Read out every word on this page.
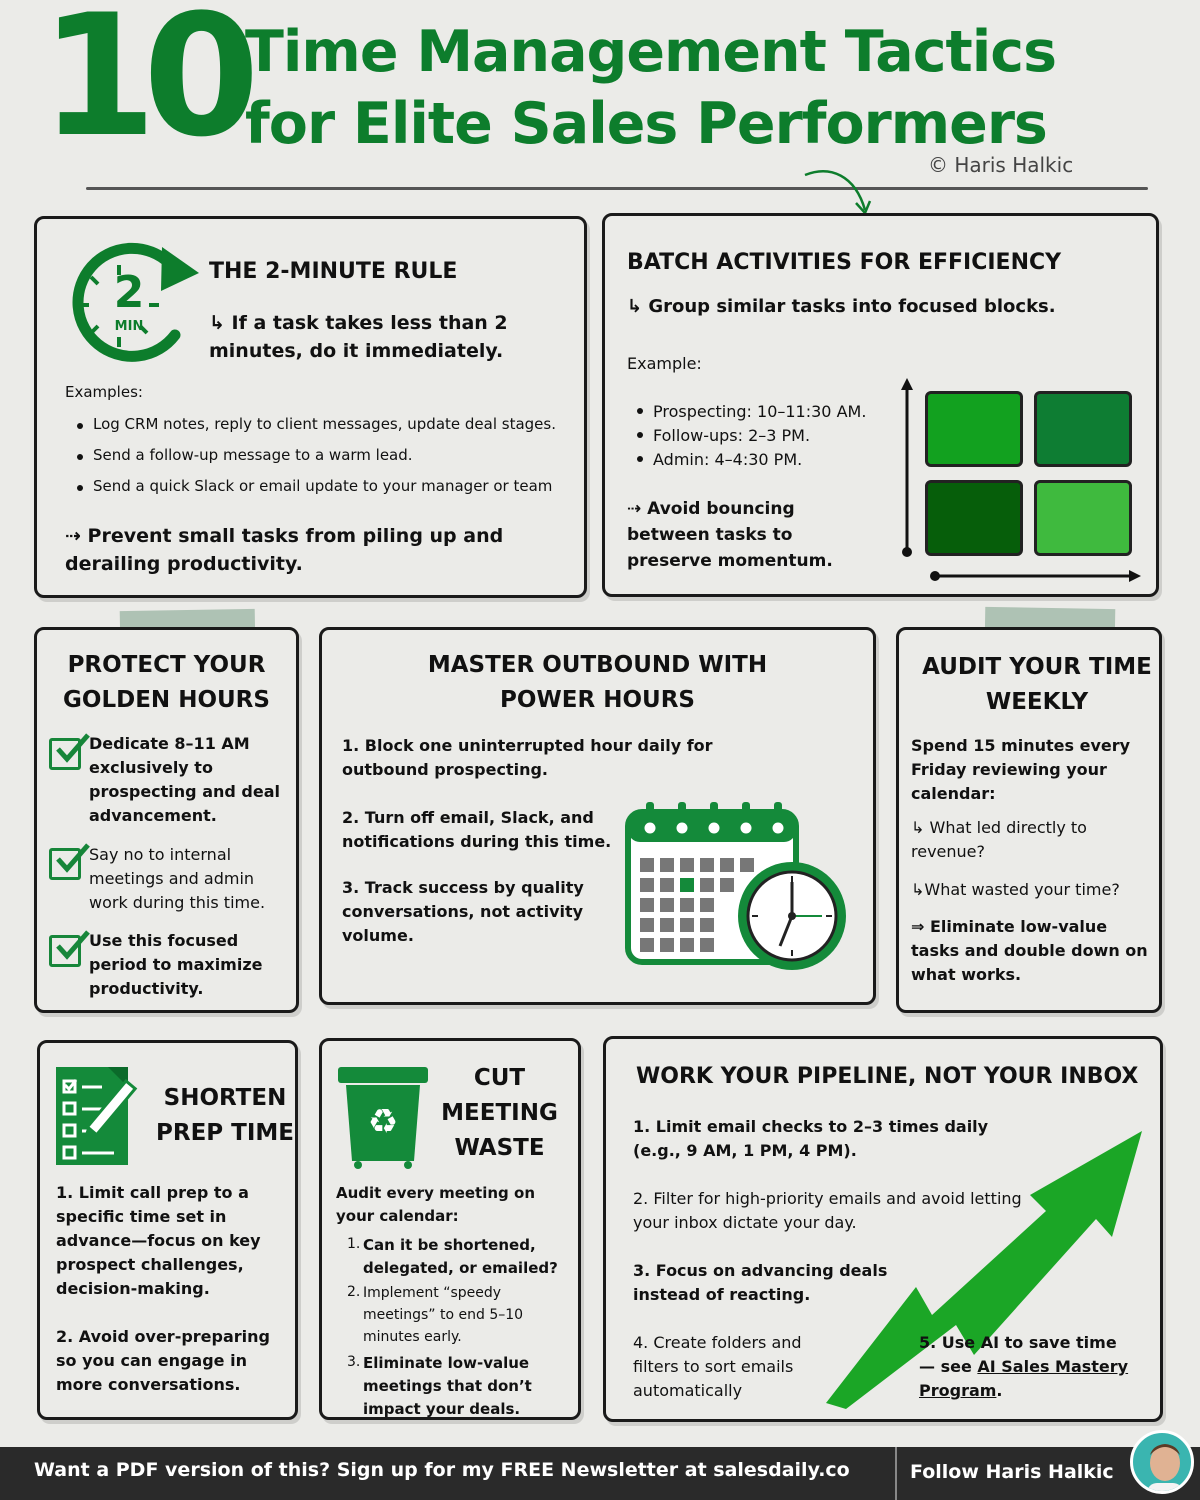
10 Time Management Tactics
for Elite Sales Performers
© Haris Halkic
2
MIN
THE 2-MINUTE RULE
↳ If a task takes less than 2 minutes, do it immediately.
Examples:
Log CRM notes, reply to client messages, update deal stages.
Send a follow-up message to a warm lead.
Send a quick Slack or email update to your manager or team
⇢ Prevent small tasks from piling up and derailing productivity.
BATCH ACTIVITIES FOR EFFICIENCY
↳ Group similar tasks into focused blocks.
Example:
Prospecting: 10–11:30 AM.
Follow-ups: 2–3 PM.
Admin: 4–4:30 PM.
⇢ Avoid bouncing between tasks to preserve momentum.
PROTECT YOUR
GOLDEN HOURS
Dedicate 8–11 AM exclusively to prospecting and deal advancement.
Say no to internal meetings and admin work during this time.
Use this focused period to maximize productivity.
MASTER OUTBOUND WITH
POWER HOURS
1. Block one uninterrupted hour daily for outbound prospecting.
2. Turn off email, Slack, and notifications during this time.
3. Track success by quality conversations, not activity volume.
AUDIT YOUR TIME
WEEKLY
Spend 15 minutes every Friday reviewing your calendar:
↳ What led directly to revenue?
↳What wasted your time?
⇒ Eliminate low-value tasks and double down on what works.
SHORTEN
PREP TIME
1. Limit call prep to a specific time set in advance—focus on key prospect challenges, decision-making.
2. Avoid over-preparing so you can engage in more conversations.
♻
CUT
MEETING
WASTE
Audit every meeting on your calendar:
1. Can it be shortened, delegated, or emailed?
2. Implement “speedy meetings” to end 5–10 minutes early.
3. Eliminate low-value meetings that don’t impact your deals.
WORK YOUR PIPELINE, NOT YOUR INBOX
1. Limit email checks to 2–3 times daily (e.g., 9 AM, 1 PM, 4 PM).
2. Filter for high-priority emails and avoid letting your inbox dictate your day.
3. Focus on advancing deals instead of reacting.
4. Create folders and filters to sort emails automatically
5. Use AI to save time — see AI Sales Mastery Program.
Want a PDF version of this? Sign up for my FREE Newsletter at salesdaily.co	Follow Haris Halkic
